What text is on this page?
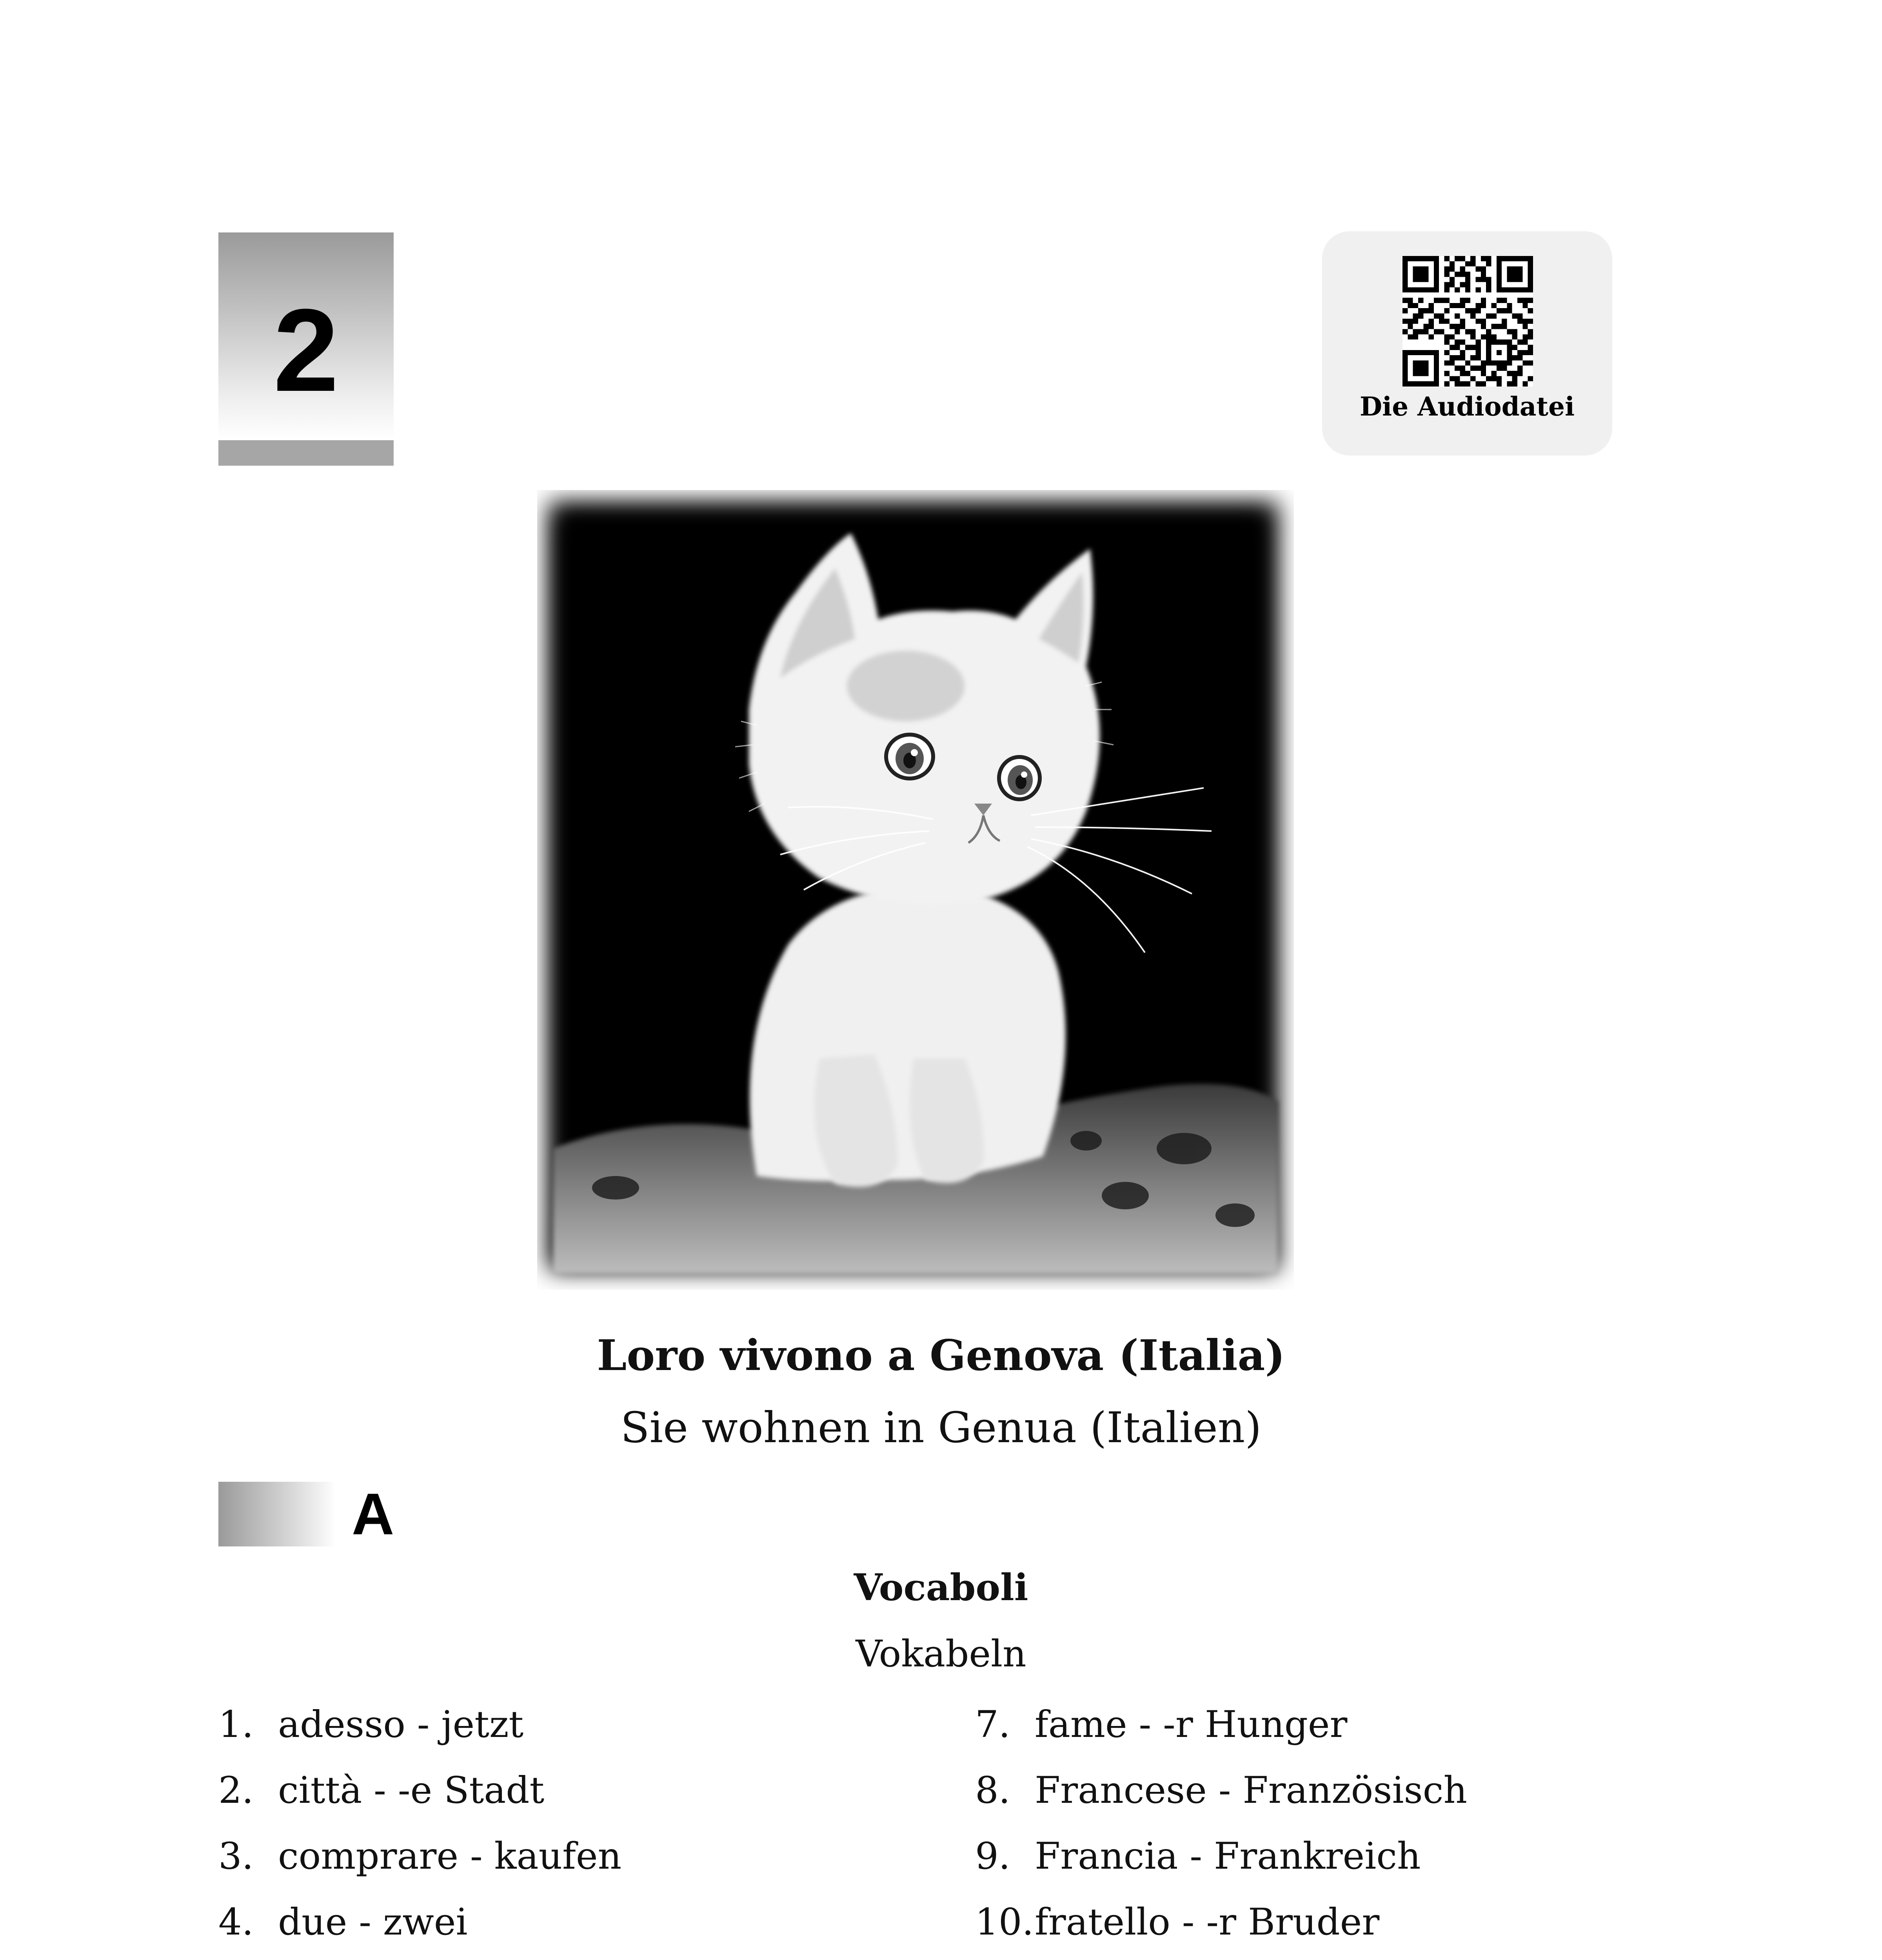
2	Die Audiodatei
Loro vivono a Genova (Italia)
Sie wohnen in Genua (Italien)
A
Vocaboli
Vokabeln
1. adesso - jetzt
2. città - -e Stadt
3. comprare - kaufen
4. due - zwei
7. fame - -r Hunger
8. Francese - Französisch
9. Francia - Frankreich
10.fratello - -r Bruder
